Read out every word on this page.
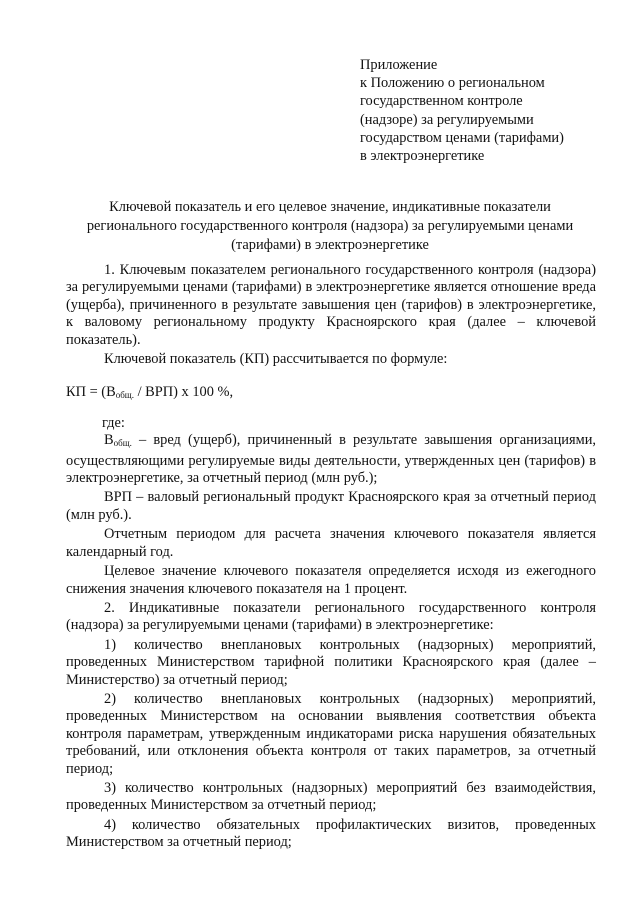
Приложение
к Положению о региональном
государственном контроле
(надзоре) за регулируемыми
государством ценами (тарифами)
в электроэнергетике
Ключевой показатель и его целевое значение, индикативные показатели
регионального государственного контроля (надзора) за регулируемыми ценами
(тарифами) в электроэнергетике

1. Ключевым показателем регионального государственного контроля (надзора) за регулируемыми ценами (тарифами) в электроэнергетике является отношение вреда (ущерба), причиненного в результате завышения цен (тарифов) в электроэнергетике, к валовому региональному продукту Красноярского края (далее – ключевой показатель).

Ключевой показатель (КП) рассчитывается по формуле:

КП = $(В_{общ.} / ВРП)$ х 100 %,

где:

$В_{общ.}$ – вред (ущерб), причиненный в результате завышения организациями, осуществляющими регулируемые виды деятельности, утвержденных цен (тарифов) в электроэнергетике, за отчетный период (млн руб.);

ВРП – валовый региональный продукт Красноярского края за отчетный период (млн руб.).

Отчетным периодом для расчета значения ключевого показателя является календарный год.

Целевое значение ключевого показателя определяется исходя из ежегодного снижения значения ключевого показателя на 1 процент.

2. Индикативные показатели регионального государственного контроля (надзора) за регулируемыми ценами (тарифами) в электроэнергетике:

1) количество внеплановых контрольных (надзорных) мероприятий, проведенных Министерством тарифной политики Красноярского края (далее – Министерство) за отчетный период;

2) количество внеплановых контрольных (надзорных) мероприятий, проведенных Министерством на основании выявления соответствия объекта контроля параметрам, утвержденным индикаторами риска нарушения обязательных требований, или отклонения объекта контроля от таких параметров, за отчетный период;

3) количество контрольных (надзорных) мероприятий без взаимодействия, проведенных Министерством за отчетный период;

4) количество обязательных профилактических визитов, проведенных Министерством за отчетный период;
